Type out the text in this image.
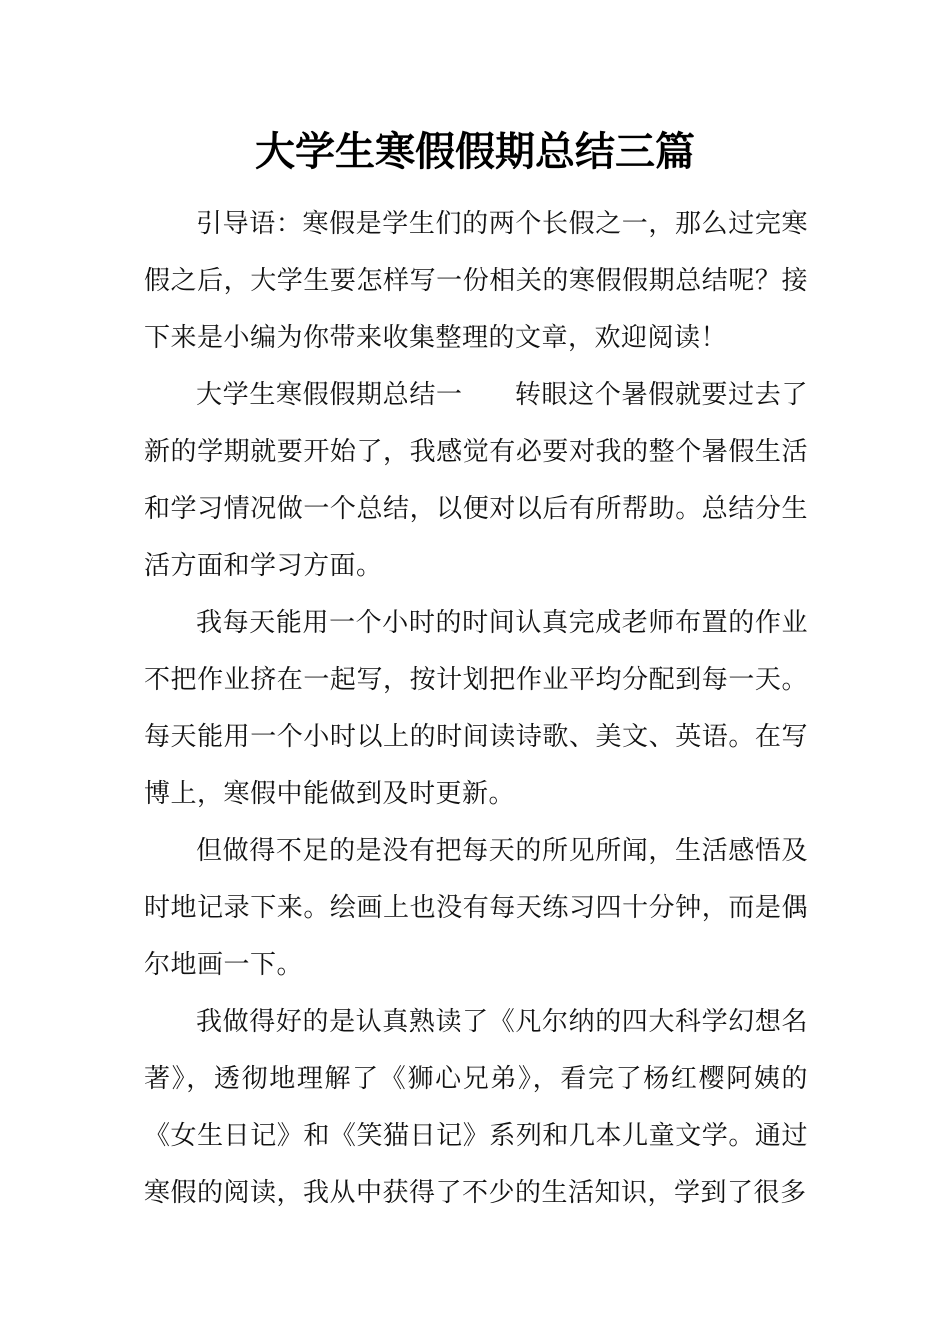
大学生寒假假期总结三篇

引导语：寒假是学生们的两个长假之一，那么过完寒假之后，大学生要怎样写一份相关的寒假假期总结呢？接下来是小编为你带来收集整理的文章，欢迎阅读！

大学生寒假假期总结一 转眼这个暑假就要过去了新的学期就要开始了，我感觉有必要对我的整个暑假生活和学习情况做一个总结，以便对以后有所帮助。总结分生活方面和学习方面。

我每天能用一个小时的时间认真完成老师布置的作业不把作业挤在一起写，按计划把作业平均分配到每一天。每天能用一个小时以上的时间读诗歌、美文、英语。在写博上，寒假中能做到及时更新。

但做得不足的是没有把每天的所见所闻，生活感悟及时地记录下来。绘画上也没有每天练习四十分钟，而是偶尔地画一下。

我做得好的是认真熟读了《凡尔纳的四大科学幻想名著》，透彻地理解了《狮心兄弟》，看完了杨红樱阿姨的《女生日记》和《笑猫日记》系列和几本儿童文学。通过寒假的阅读，我从中获得了不少的生活知识，学到了很多
